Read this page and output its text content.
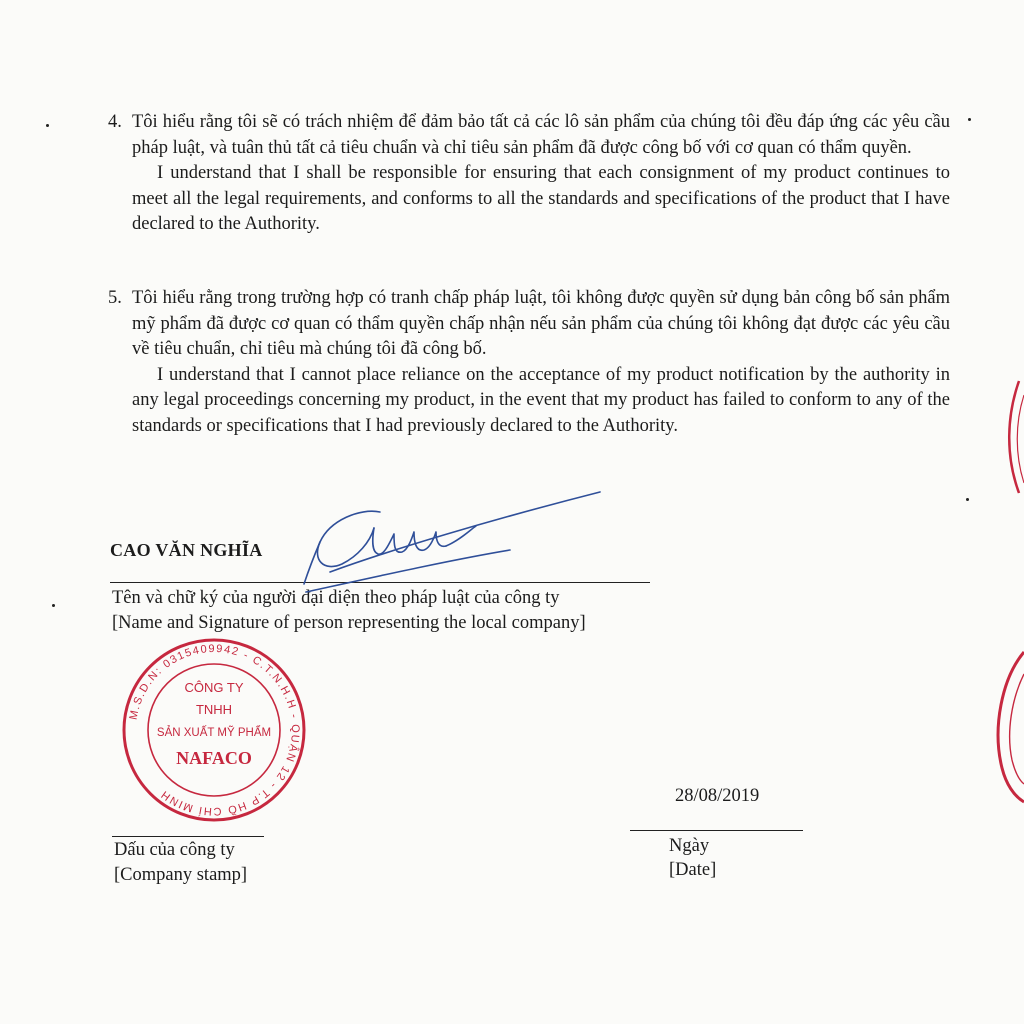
4. Tôi hiểu rằng tôi sẽ có trách nhiệm để đảm bảo tất cả các lô sản phẩm của chúng tôi đều đáp ứng các yêu cầu pháp luật, và tuân thủ tất cả tiêu chuẩn và chỉ tiêu sản phẩm đã được công bố với cơ quan có thẩm quyền.

I understand that I shall be responsible for ensuring that each consignment of my product continues to meet all the legal requirements, and conforms to all the standards and specifications of the product that I have declared to the Authority.

5. Tôi hiểu rằng trong trường hợp có tranh chấp pháp luật, tôi không được quyền sử dụng bản công bố sản phẩm mỹ phẩm đã được cơ quan có thẩm quyền chấp nhận nếu sản phẩm của chúng tôi không đạt được các yêu cầu về tiêu chuẩn, chỉ tiêu mà chúng tôi đã công bố.

I understand that I cannot place reliance on the acceptance of my product notification by the authority in any legal proceedings concerning my product, in the event that my product has failed to conform to any of the standards or specifications that I had previously declared to the Authority.

CAO VĂN NGHĨA
Tên và chữ ký của người đại diện theo pháp luật của công ty
[Name and Signature of person representing the local company]
M.S.D.N: 0315409942 - C.T.N.H.H - QUẬN 12 - T.P HỒ CHÍ MINH
CÔNG TY
TNHH
SẢN XUẤT MỸ PHẨM
NAFACO
Dấu của công ty
[Company stamp]
28/08/2019
Ngày
[Date]
